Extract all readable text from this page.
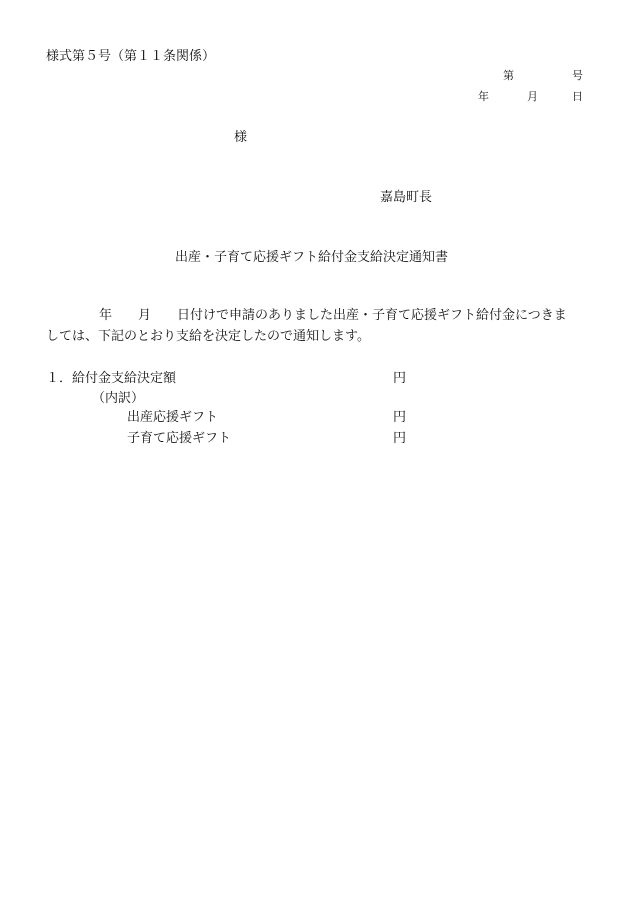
様式第５号（第１１条関係）
第	号
年	月	日
様
嘉島町長
出産・子育て応援ギフト給付金支給決定通知書
年 月 日付けで申請のありました出産・子育て応援ギフト給付金につきま
しては、下記のとおり支給を決定したので通知します。
１．給付金支給決定額	円
（内訳）
出産応援ギフト	円
子育て応援ギフト	円
